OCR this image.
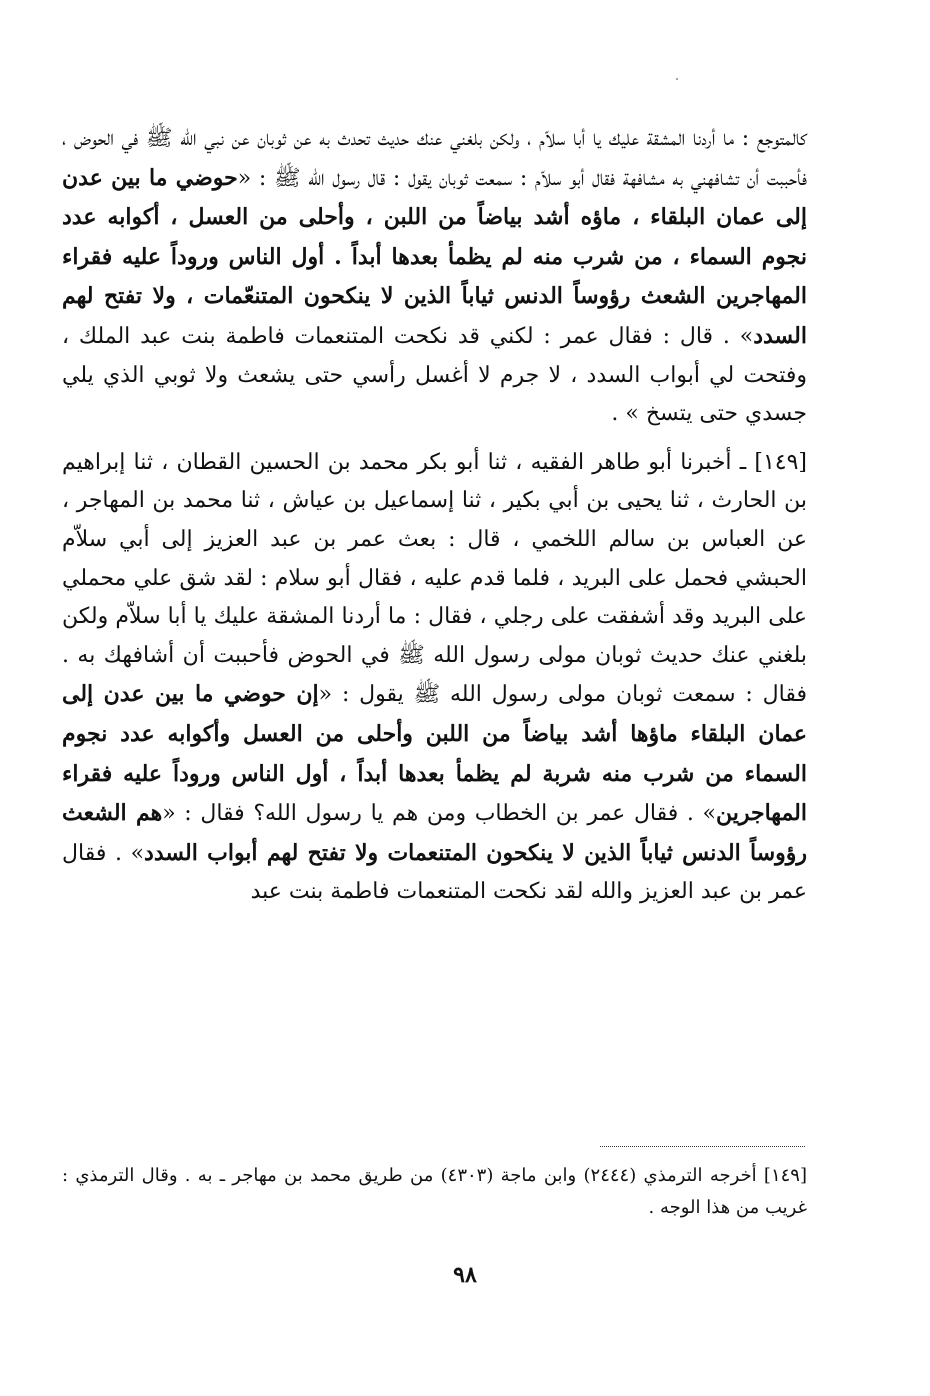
كالمتوجع : ما أردنا المشقة عليك يا أبا سلاّم ، ولكن بلغني عنك حديث تحدث به عن ثوبان عن نبي الله ﷺ في الحوض ، فأحببت أن تشافهني به مشافهة فقال أبو سلاّم : سمعت ثوبان يقول : قال رسول الله ﷺ : «حوضي ما بين عدن إلى عمان البلقاء ، ماؤه أشد بياضاً من اللبن ، وأحلى من العسل ، أكوابه عدد نجوم السماء ، من شرب منه لم يظمأ بعدها أبداً . أول الناس وروداً عليه فقراء المهاجرين الشعث رؤوساً الدنس ثياباً الذين لا ينكحون المتنعّمات ، ولا تفتح لهم السدد» . قال : فقال عمر : لكني قد نكحت المتنعمات فاطمة بنت عبد الملك ، وفتحت لي أبواب السدد ، لا جرم لا أغسل رأسي حتى يشعث ولا ثوبي الذي يلي جسدي حتى يتسخ » .

[١٤٩] ـ أخبرنا أبو طاهر الفقيه ، ثنا أبو بكر محمد بن الحسين القطان ، ثنا إبراهيم بن الحارث ، ثنا يحيى بن أبي بكير ، ثنا إسماعيل بن عياش ، ثنا محمد بن المهاجر ، عن العباس بن سالم اللخمي ، قال : بعث عمر بن عبد العزيز إلى أبي سلاّم الحبشي فحمل على البريد ، فلما قدم عليه ، فقال أبو سلام : لقد شق علي محملي على البريد وقد أشفقت على رجلي ، فقال : ما أردنا المشقة عليك يا أبا سلاّم ولكن بلغني عنك حديث ثوبان مولى رسول الله ﷺ في الحوض فأحببت أن أشافهك به . فقال : سمعت ثوبان مولى رسول الله ﷺ يقول : «إن حوضي ما بين عدن إلى عمان البلقاء ماؤها أشد بياضاً من اللبن وأحلى من العسل وأكوابه عدد نجوم السماء من شرب منه شربة لم يظمأ بعدها أبداً ، أول الناس وروداً عليه فقراء المهاجرين» . فقال عمر بن الخطاب ومن هم يا رسول الله؟ فقال : «هم الشعث رؤوساً الدنس ثياباً الذين لا ينكحون المتنعمات ولا تفتح لهم أبواب السدد» . فقال عمر بن عبد العزيز والله لقد نكحت المتنعمات فاطمة بنت عبد

[١٤٩] أخرجه الترمذي (٢٤٤٤) وابن ماجة (٤٣٠٣) من طريق محمد بن مهاجر ـ به . وقال الترمذي : غريب من هذا الوجه .
٩٨
